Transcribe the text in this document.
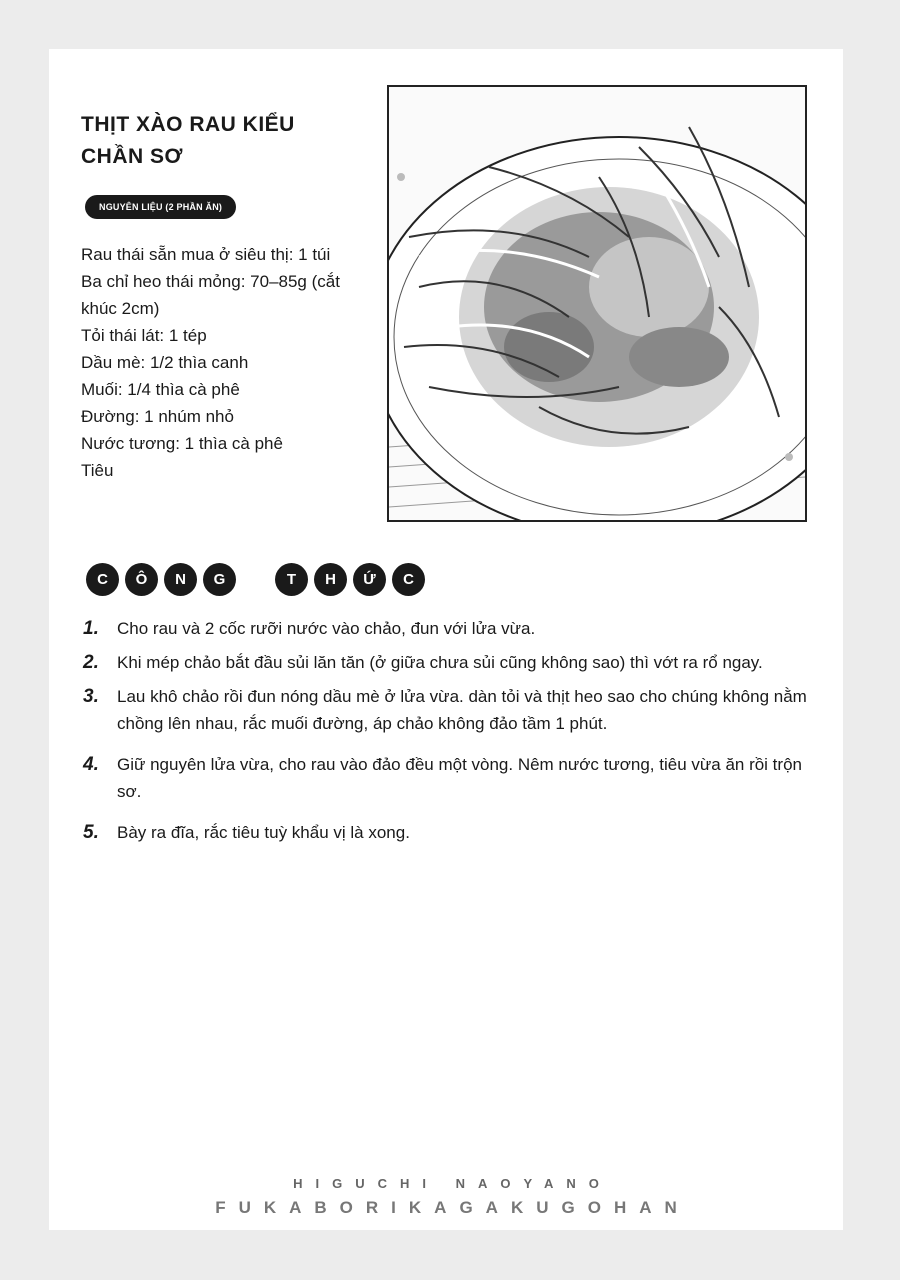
THỊT XÀO RAU KIỂU
CHẦN SƠ
NGUYÊN LIỆU (2 PHẦN ĂN)
Rau thái sẵn mua ở siêu thị: 1 túi
Ba chỉ heo thái mỏng: 70–85g (cắt khúc 2cm)
Tỏi thái lát: 1 tép
Dầu mè: 1/2 thìa canh
Muối: 1/4 thìa cà phê
Đường: 1 nhúm nhỏ
Nước tương: 1 thìa cà phê
Tiêu
C	Ô	N	G	T	H	Ứ	C
1.	Cho rau và 2 cốc rưỡi nước vào chảo, đun với lửa vừa.
2.	Khi mép chảo bắt đầu sủi lăn tăn (ở giữa chưa sủi cũng không sao) thì vớt ra rổ ngay.
3.	Lau khô chảo rồi đun nóng dầu mè ở lửa vừa. dàn tỏi và thịt heo sao cho chúng không nằm chồng lên nhau, rắc muối đường, áp chảo không đảo tầm 1 phút.
4.	Giữ nguyên lửa vừa, cho rau vào đảo đều một vòng. Nêm nước tương, tiêu vừa ăn rồi trộn sơ.
5.	Bày ra đĩa, rắc tiêu tuỳ khẩu vị là xong.
HIGUCHI NAOYANO
FUKABORIKAGAKUGOHAN
